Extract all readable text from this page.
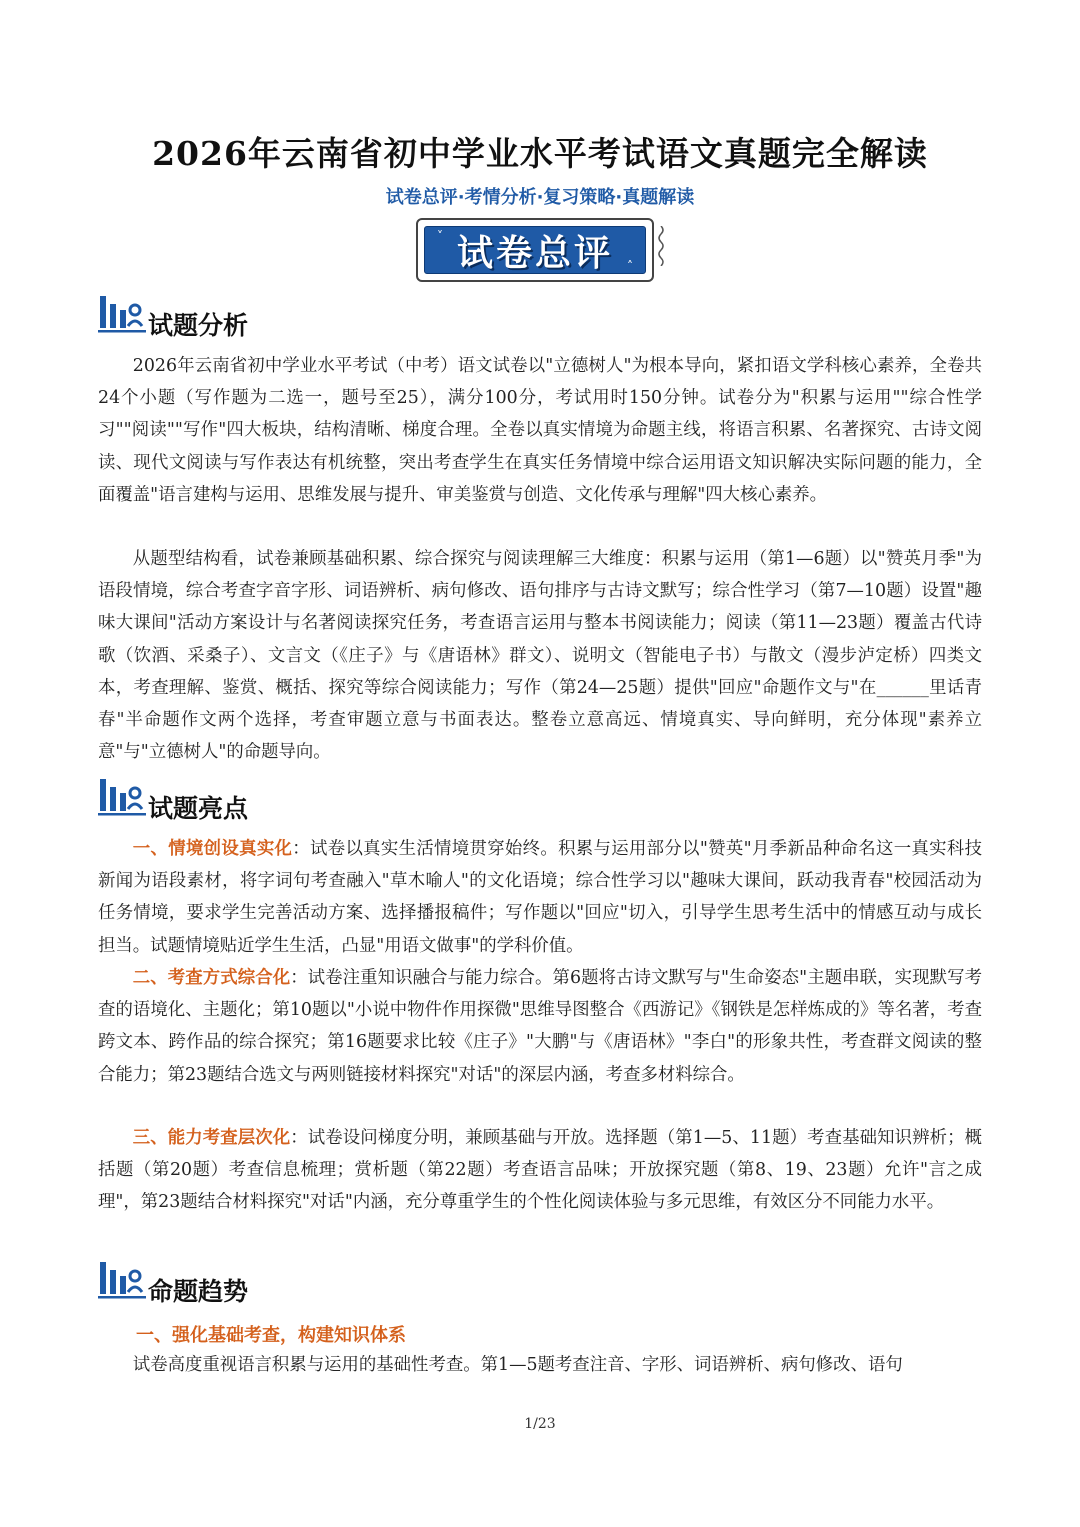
2026年云南省初中学业水平考试语文真题完全解读
试卷总评·考情分析·复习策略·真题解读
˅ 试卷总评 ˄
试题分析

2026年云南省初中学业水平考试（中考）语文试卷以"立德树人"为根本导向，紧扣语文学科核心素养，全卷共24个小题（写作题为二选一，题号至25），满分100分，考试用时150分钟。试卷分为"积累与运用""综合性学习""阅读""写作"四大板块，结构清晰、梯度合理。全卷以真实情境为命题主线，将语言积累、名著探究、古诗文阅读、现代文阅读与写作表达有机统整，突出考查学生在真实任务情境中综合运用语文知识解决实际问题的能力，全面覆盖"语言建构与运用、思维发展与提升、审美鉴赏与创造、文化传承与理解"四大核心素养。

从题型结构看，试卷兼顾基础积累、综合探究与阅读理解三大维度：积累与运用（第1—6题）以"赞英月季"为语段情境，综合考查字音字形、词语辨析、病句修改、语句排序与古诗文默写；综合性学习（第7—10题）设置"趣味大课间"活动方案设计与名著阅读探究任务，考查语言运用与整本书阅读能力；阅读（第11—23题）覆盖古代诗歌（饮酒、采桑子）、文言文（《庄子》与《唐语林》群文）、说明文（智能电子书）与散文（漫步泸定桥）四类文本，考查理解、鉴赏、概括、探究等综合阅读能力；写作（第24—25题）提供"回应"命题作文与"在______里话青春"半命题作文两个选择，考查审题立意与书面表达。整卷立意高远、情境真实、导向鲜明，充分体现"素养立意"与"立德树人"的命题导向。

试题亮点

一、情境创设真实化：试卷以真实生活情境贯穿始终。积累与运用部分以"赞英"月季新品种命名这一真实科技新闻为语段素材，将字词句考查融入"草木喻人"的文化语境；综合性学习以"趣味大课间，跃动我青春"校园活动为任务情境，要求学生完善活动方案、选择播报稿件；写作题以"回应"切入，引导学生思考生活中的情感互动与成长担当。试题情境贴近学生生活，凸显"用语文做事"的学科价值。

二、考查方式综合化：试卷注重知识融合与能力综合。第6题将古诗文默写与"生命姿态"主题串联，实现默写考查的语境化、主题化；第10题以"小说中物件作用探微"思维导图整合《西游记》《钢铁是怎样炼成的》等名著，考查跨文本、跨作品的综合探究；第16题要求比较《庄子》"大鹏"与《唐语林》"李白"的形象共性，考查群文阅读的整合能力；第23题结合选文与两则链接材料探究"对话"的深层内涵，考查多材料综合。

三、能力考查层次化：试卷设问梯度分明，兼顾基础与开放。选择题（第1—5、11题）考查基础知识辨析；概括题（第20题）考查信息梳理；赏析题（第22题）考查语言品味；开放探究题（第8、19、23题）允许"言之成理"，第23题结合材料探究"对话"内涵，充分尊重学生的个性化阅读体验与多元思维，有效区分不同能力水平。

命题趋势
一、强化基础考查，构建知识体系

试卷高度重视语言积累与运用的基础性考查。第1—5题考查注音、字形、词语辨析、病句修改、语句

1/23
